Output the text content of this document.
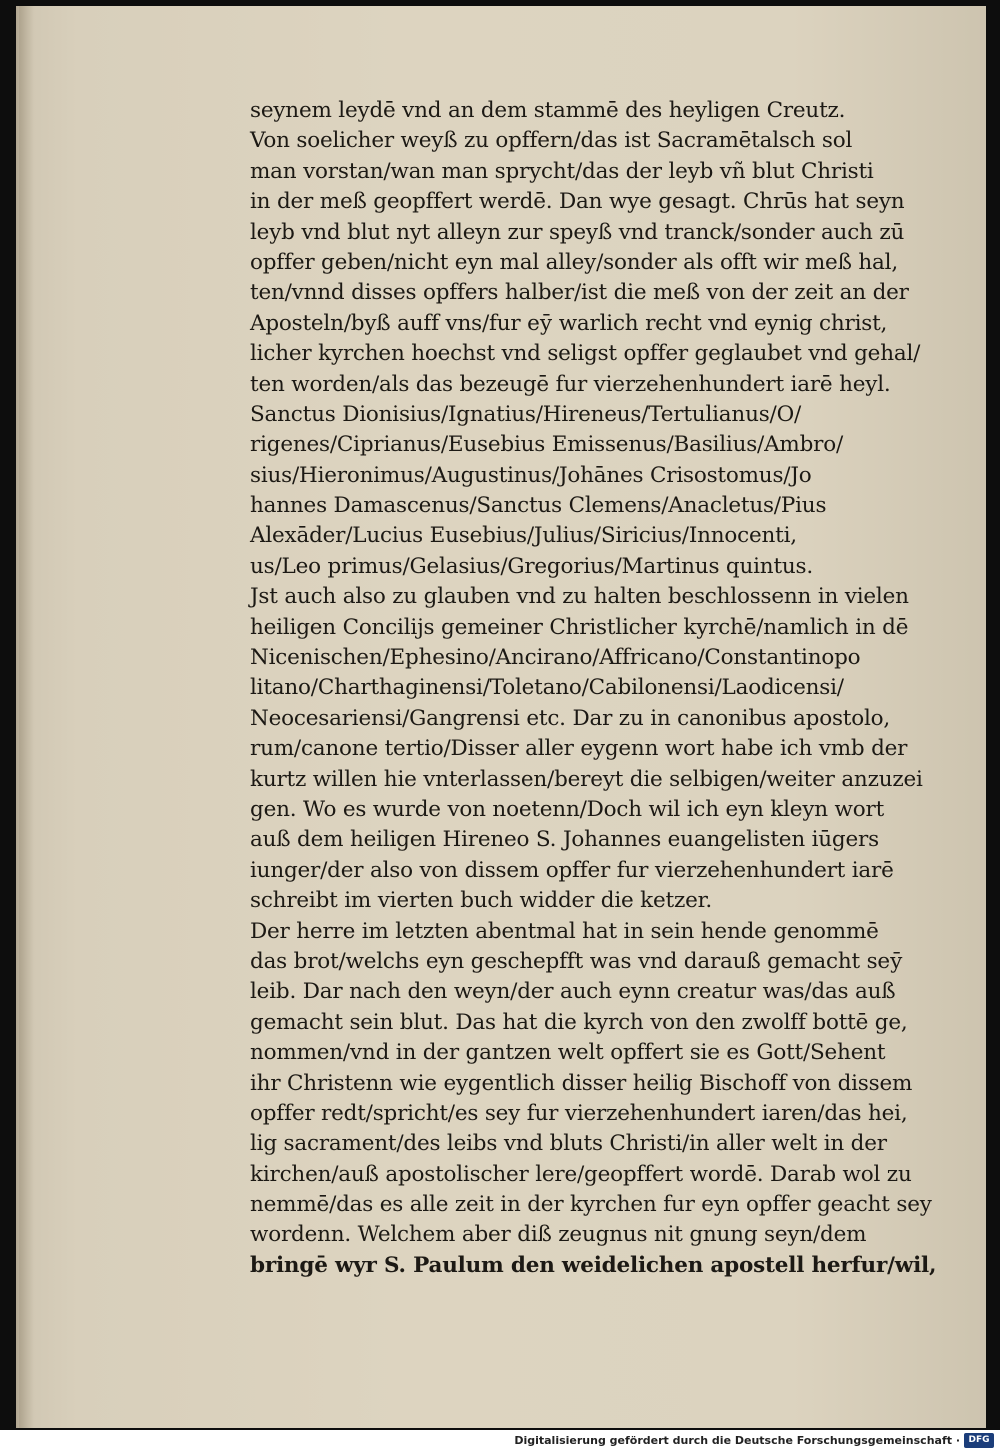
seynem leydē vnd an dem stammē des heyligen Creutz.
Von soelicher weyß zu opffern/das ist Sacramētalsch sol
man vorstan/wan man sprycht/das der leyb vñ blut Christi
in der meß geopffert werdē. Dan wye gesagt. Chrūs hat seyn
leyb vnd blut nyt alleyn zur speyß vnd tranck/sonder auch zū
opffer geben/nicht eyn mal alley/sonder als offt wir meß hal,
ten/vnnd disses opffers halber/ist die meß von der zeit an der
Aposteln/byß auff vns/fur eӯ warlich recht vnd eynig christ,
licher kyrchen hoechst vnd seligst opffer geglaubet vnd gehal/
ten worden/als das bezeugē fur vierzehenhundert iarē heyl.
Sanctus Dionisius/Ignatius/Hireneus/Tertulianus/O/
rigenes/Ciprianus/Eusebius Emissenus/Basilius/Ambro/
sius/Hieronimus/Augustinus/Johānes Crisostomus/Jo
hannes Damascenus/Sanctus Clemens/Anacletus/Pius
Alexāder/Lucius Eusebius/Julius/Siricius/Innocenti,
us/Leo primus/Gelasius/Gregorius/Martinus quintus.
Jst auch also zu glauben vnd zu halten beschlossenn in vielen
heiligen Concilijs gemeiner Christlicher kyrchē/namlich in dē
Nicenischen/Ephesino/Ancirano/Affricano/Constantinopo
litano/Charthaginensi/Toletano/Cabilonensi/Laodicensi/
Neocesariensi/Gangrensi etc. Dar zu in canonibus apostolo,
rum/canone tertio/Disser aller eygenn wort habe ich vmb der
kurtz willen hie vnterlassen/bereyt die selbigen/weiter anzuzei
gen. Wo es wurde von noetenn/Doch wil ich eyn kleyn wort
auß dem heiligen Hireneo S. Johannes euangelisten iūgers
iunger/der also von dissem opffer fur vierzehenhundert iarē
schreibt im vierten buch widder die ketzer.
Der herre im letzten abentmal hat in sein hende genommē
das brot/welchs eyn geschepfft was vnd darauß gemacht seӯ
leib. Dar nach den weyn/der auch eynn creatur was/das auß
gemacht sein blut. Das hat die kyrch von den zwolff bottē ge,
nommen/vnd in der gantzen welt opffert sie es Gott/Sehent
ihr Christenn wie eygentlich disser heilig Bischoff von dissem
opffer redt/spricht/es sey fur vierzehenhundert iaren/das hei,
lig sacrament/des leibs vnd bluts Christi/in aller welt in der
kirchen/auß apostolischer lere/geopffert wordē. Darab wol zu
nemmē/das es alle zeit in der kyrchen fur eyn opffer geacht sey
wordenn. Welchem aber diß zeugnus nit gnung seyn/dem
bringē wyr S. Paulum den weidelichen apostell herfur/wil,
Digitalisierung gefördert durch die Deutsche Forschungsgemeinschaft · DFG
